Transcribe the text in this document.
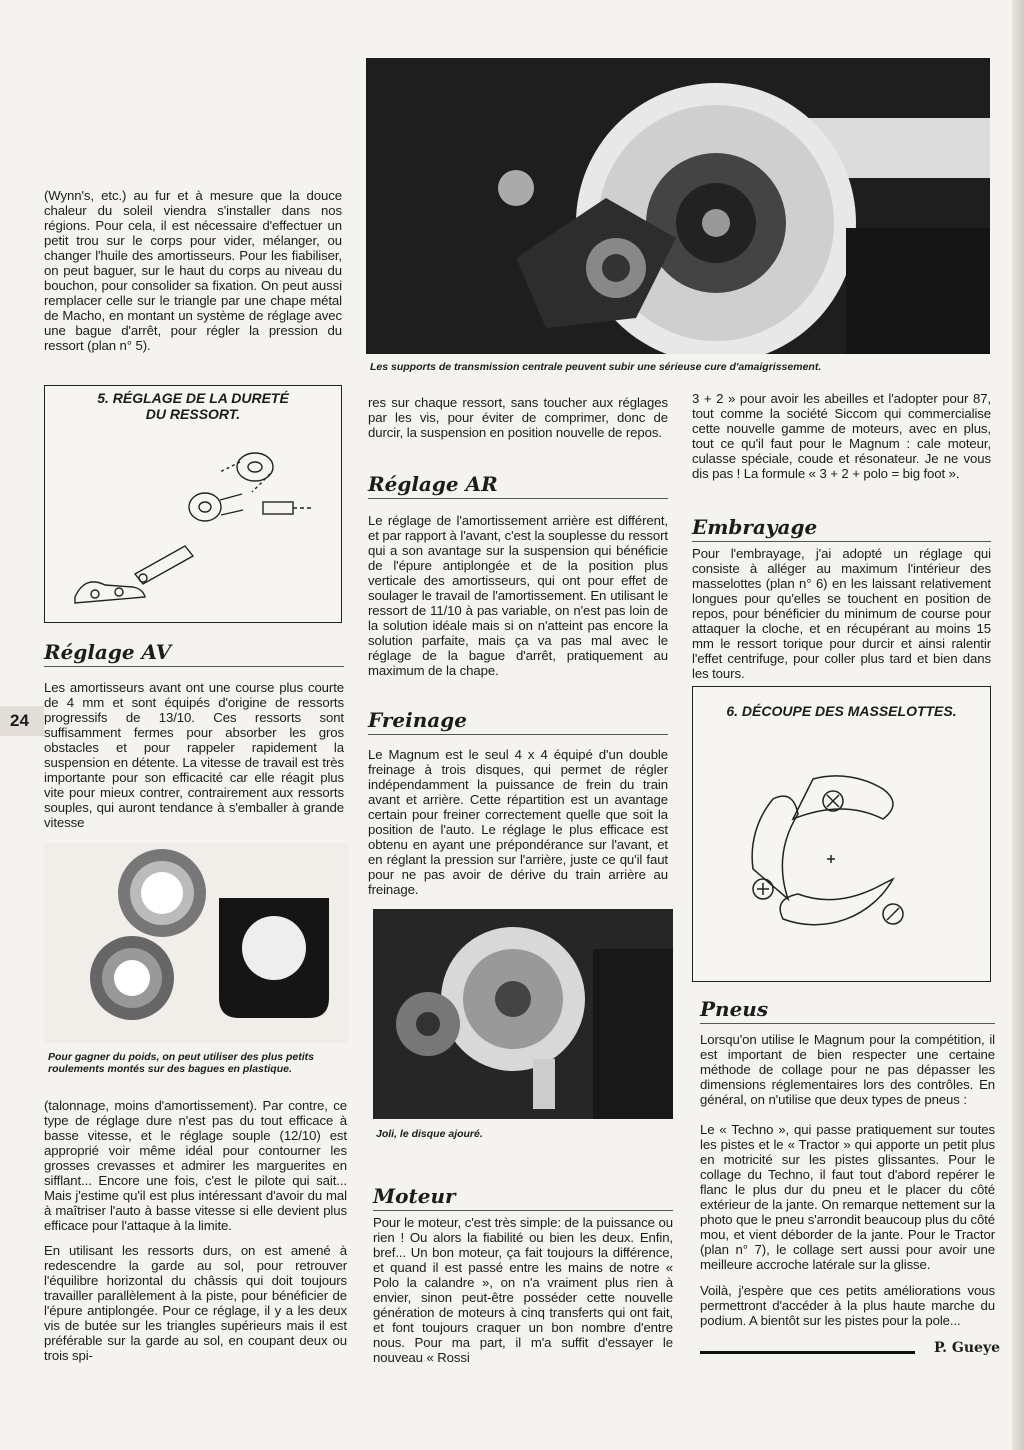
(Wynn's, etc.) au fur et à mesure que la douce chaleur du soleil viendra s'installer dans nos régions. Pour cela, il est nécessaire d'effectuer un petit trou sur le corps pour vider, mélanger, ou changer l'huile des amortisseurs. Pour les fiabiliser, on peut baguer, sur le haut du corps au niveau du bouchon, pour consolider sa fixation. On peut aussi remplacer celle sur le triangle par une chape métal de Macho, en montant un système de réglage avec une bague d'arrêt, pour régler la pression du ressort (plan n° 5).
5. RÉGLAGE DE LA DURETÉ
DU RESSORT.
Réglage AV
24
Les amortisseurs avant ont une course plus courte de 4 mm et sont équipés d'origine de ressorts progressifs de 13/10. Ces ressorts sont suffisamment fermes pour absorber les gros obstacles et pour rappeler rapidement la suspension en détente. La vitesse de travail est très importante pour son efficacité car elle réagit plus vite pour mieux contrer, contrairement aux ressorts souples, qui auront tendance à s'emballer à grande vitesse
Pour gagner du poids, on peut utiliser des plus petits roulements montés sur des bagues en plastique.
(talonnage, moins d'amortissement). Par contre, ce type de réglage dure n'est pas du tout efficace à basse vitesse, et le réglage souple (12/10) est approprié voir même idéal pour contourner les grosses crevasses et admirer les marguerites en sifflant... Encore une fois, c'est le pilote qui sait... Mais j'estime qu'il est plus intéressant d'avoir du mal à maîtriser l'auto à basse vitesse si elle devient plus efficace pour l'attaque à la limite.
En utilisant les ressorts durs, on est amené à redescendre la garde au sol, pour retrouver l'équilibre horizontal du châssis qui doit toujours travailler parallèlement à la piste, pour bénéficier de l'épure antiplongée. Pour ce réglage, il y a les deux vis de butée sur les triangles supérieurs mais il est préférable sur la garde au sol, en coupant deux ou trois spi-
Les supports de transmission centrale peuvent subir une sérieuse cure d'amaigrissement.
res sur chaque ressort, sans toucher aux réglages par les vis, pour éviter de comprimer, donc de durcir, la suspension en position nouvelle de repos.
Réglage AR
Le réglage de l'amortissement arrière est différent, et par rapport à l'avant, c'est la souplesse du ressort qui a son avantage sur la suspension qui bénéficie de l'épure antiplongée et de la position plus verticale des amortisseurs, qui ont pour effet de soulager le travail de l'amortissement. En utilisant le ressort de 11/10 à pas variable, on n'est pas loin de la solution idéale mais si on n'atteint pas encore la solution parfaite, mais ça va pas mal avec le réglage de la bague d'arrêt, pratiquement au maximum de la chape.
Freinage
Le Magnum est le seul 4 x 4 équipé d'un double freinage à trois disques, qui permet de régler indépendamment la puissance de frein du train avant et arrière. Cette répartition est un avantage certain pour freiner correctement quelle que soit la position de l'auto. Le réglage le plus efficace est obtenu en ayant une prépondérance sur l'avant, et en réglant la pression sur l'arrière, juste ce qu'il faut pour ne pas avoir de dérive du train arrière au freinage.
Joli, le disque ajouré.
Moteur
Pour le moteur, c'est très simple: de la puissance ou rien ! Ou alors la fiabilité ou bien les deux. Enfin, bref... Un bon moteur, ça fait toujours la différence, et quand il est passé entre les mains de notre « Polo la calandre », on n'a vraiment plus rien à envier, sinon peut-être posséder cette nouvelle génération de moteurs à cinq transferts qui ont fait, et font toujours craquer un bon nombre d'entre nous. Pour ma part, il m'a suffit d'essayer le nouveau « Rossi
3 + 2 » pour avoir les abeilles et l'adopter pour 87, tout comme la société Siccom qui commercialise cette nouvelle gamme de moteurs, avec en plus, tout ce qu'il faut pour le Magnum : cale moteur, culasse spéciale, coude et résonateur. Je ne vous dis pas ! La formule « 3 + 2 + polo = big foot ».
Embrayage
Pour l'embrayage, j'ai adopté un réglage qui consiste à alléger au maximum l'intérieur des masselottes (plan n° 6) en les laissant relativement longues pour qu'elles se touchent en position de repos, pour bénéficier du minimum de course pour attaquer la cloche, et en récupérant au moins 15 mm le ressort torique pour durcir et ainsi ralentir l'effet centrifuge, pour coller plus tard et bien dans les tours.
6. DÉCOUPE DES MASSELOTTES.
Pneus
Lorsqu'on utilise le Magnum pour la compétition, il est important de bien respecter une certaine méthode de collage pour ne pas dépasser les dimensions réglementaires lors des contrôles. En général, on n'utilise que deux types de pneus :
Le « Techno », qui passe pratiquement sur toutes les pistes et le « Tractor » qui apporte un petit plus en motricité sur les pistes glissantes. Pour le collage du Techno, il faut tout d'abord repérer le flanc le plus dur du pneu et le placer du côté extérieur de la jante. On remarque nettement sur la photo que le pneu s'arrondit beaucoup plus du côté mou, et vient déborder de la jante. Pour le Tractor (plan n° 7), le collage sert aussi pour avoir une meilleure accroche latérale sur la glisse.
Voilà, j'espère que ces petits améliorations vous permettront d'accéder à la plus haute marche du podium. A bientôt sur les pistes pour la pole...
P. Gueye
